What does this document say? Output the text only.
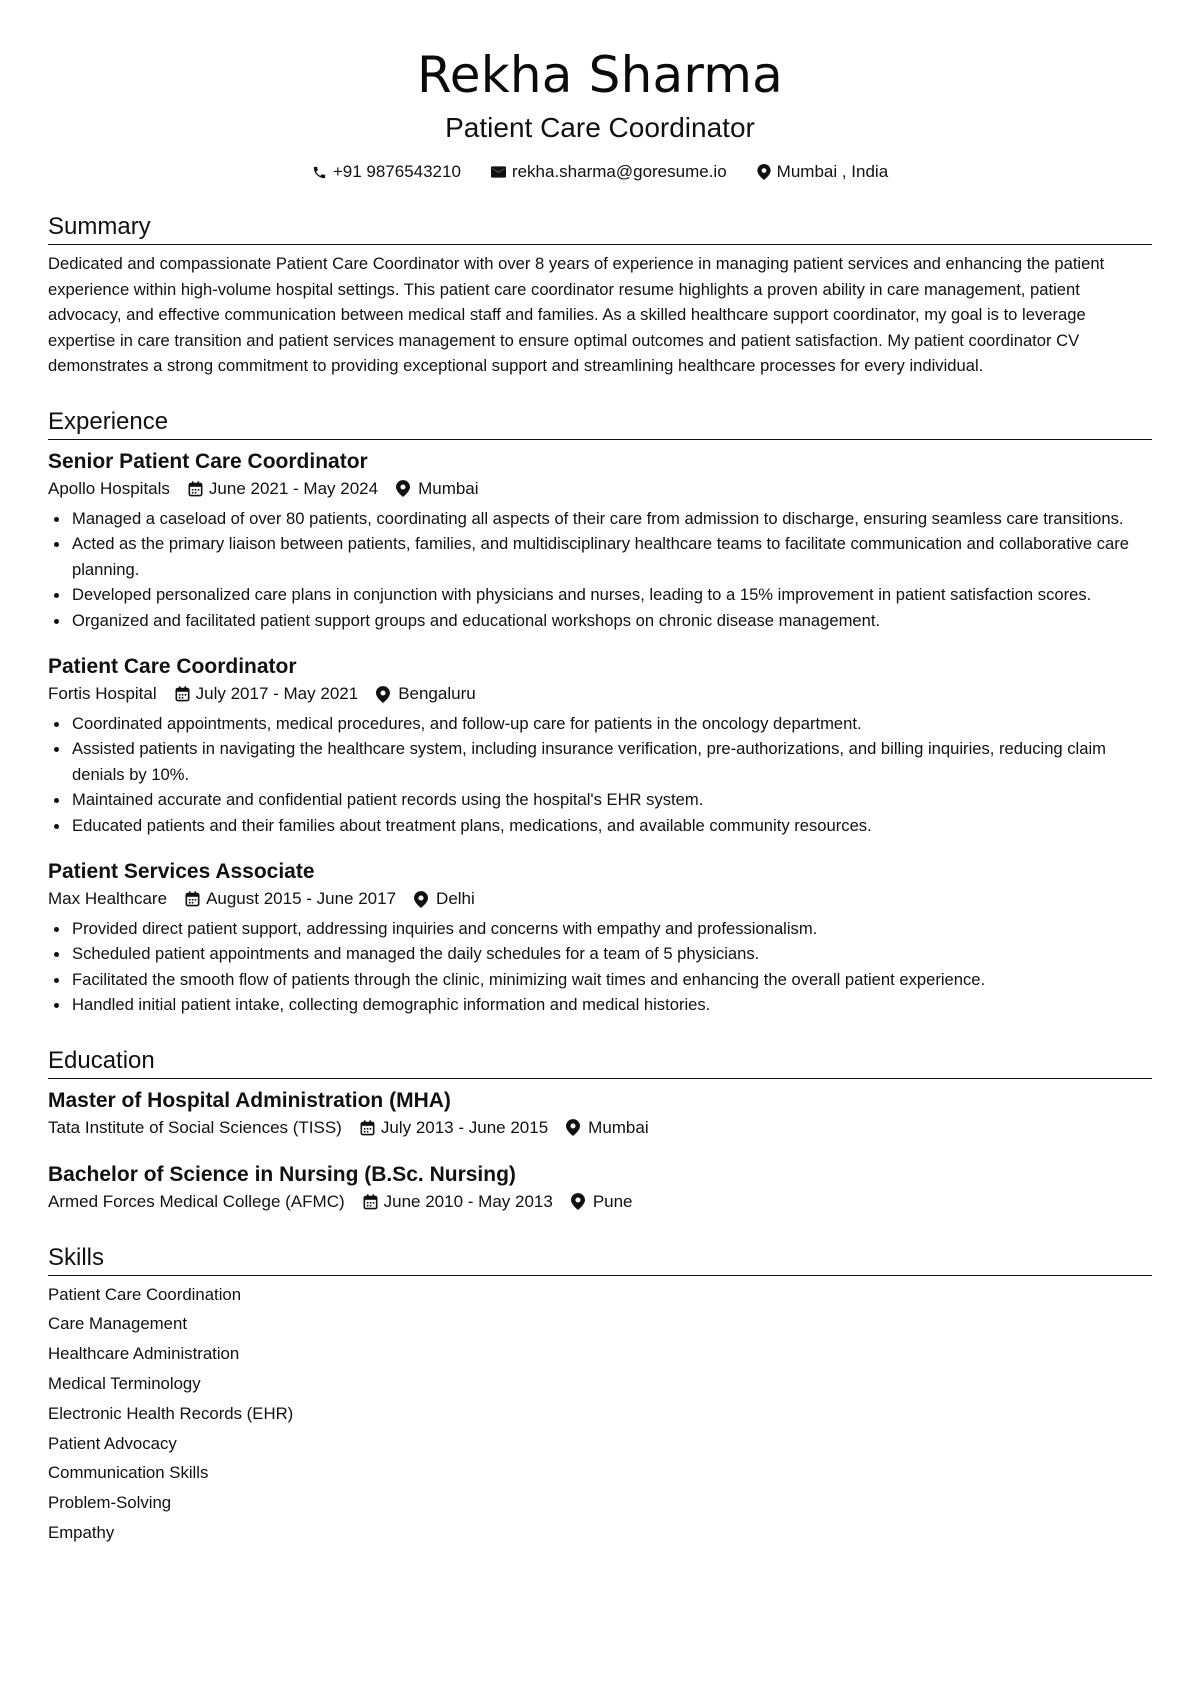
Rekha Sharma
Patient Care Coordinator
+91 9876543210	rekha.sharma@goresume.io	Mumbai , India
Summary
Dedicated and compassionate Patient Care Coordinator with over 8 years of experience in managing patient services and enhancing the patient experience within high-volume hospital settings. This patient care coordinator resume highlights a proven ability in care management, patient advocacy, and effective communication between medical staff and families. As a skilled healthcare support coordinator, my goal is to leverage expertise in care transition and patient services management to ensure optimal outcomes and patient satisfaction. My patient coordinator CV demonstrates a strong commitment to providing exceptional support and streamlining healthcare processes for every individual.
Experience
Senior Patient Care Coordinator
Apollo Hospitals June 2021 - May 2024 Mumbai
Managed a caseload of over 80 patients, coordinating all aspects of their care from admission to discharge, ensuring seamless care transitions.
Acted as the primary liaison between patients, families, and multidisciplinary healthcare teams to facilitate communication and collaborative care planning.
Developed personalized care plans in conjunction with physicians and nurses, leading to a 15% improvement in patient satisfaction scores.
Organized and facilitated patient support groups and educational workshops on chronic disease management.
Patient Care Coordinator
Fortis Hospital July 2017 - May 2021 Bengaluru
Coordinated appointments, medical procedures, and follow-up care for patients in the oncology department.
Assisted patients in navigating the healthcare system, including insurance verification, pre-authorizations, and billing inquiries, reducing claim denials by 10%.
Maintained accurate and confidential patient records using the hospital's EHR system.
Educated patients and their families about treatment plans, medications, and available community resources.
Patient Services Associate
Max Healthcare August 2015 - June 2017 Delhi
Provided direct patient support, addressing inquiries and concerns with empathy and professionalism.
Scheduled patient appointments and managed the daily schedules for a team of 5 physicians.
Facilitated the smooth flow of patients through the clinic, minimizing wait times and enhancing the overall patient experience.
Handled initial patient intake, collecting demographic information and medical histories.
Education
Master of Hospital Administration (MHA)
Tata Institute of Social Sciences (TISS) July 2013 - June 2015 Mumbai
Bachelor of Science in Nursing (B.Sc. Nursing)
Armed Forces Medical College (AFMC) June 2010 - May 2013 Pune
Skills
Patient Care Coordination
Care Management
Healthcare Administration
Medical Terminology
Electronic Health Records (EHR)
Patient Advocacy
Communication Skills
Problem-Solving
Empathy
